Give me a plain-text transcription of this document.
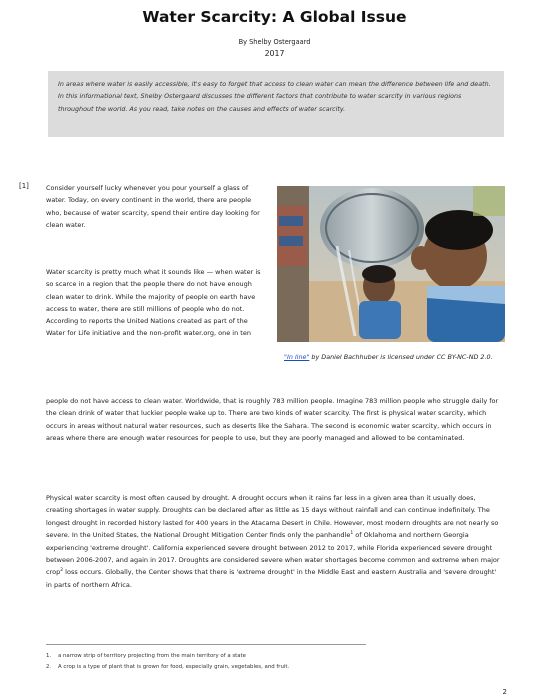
Water Scarcity: A Global Issue
By Shelby Ostergaard
2017
In areas where water is easily accessible, it's easy to forget that access to clean water can mean the difference between life and death. In this informational text, Shelby Ostergaard discusses the different factors that contribute to water scarcity in various regions throughout the world. As you read, take notes on the causes and effects of water scarcity.
[1]	Consider yourself lucky whenever you pour yourself a glass of water. Today, on every continent in the world, there are people who, because of water scarcity, spend their entire day looking for clean water.

Water scarcity is pretty much what it sounds like — when water is so scarce in a region that the people there do not have enough clean water to drink. While the majority of people on earth have access to water, there are still millions of people who do not. According to reports the United Nations created as part of the Water for Life initiative and the non-profit water.org, one in ten

"In line" by Daniel Bachhuber is licensed under CC BY-NC-ND 2.0.

people do not have access to clean water. Worldwide, that is roughly 783 million people. Imagine 783 million people who struggle daily for the clean drink of water that luckier people wake up to. There are two kinds of water scarcity. The first is physical water scarcity, which occurs in areas without natural water resources, such as deserts like the Sahara. The second is economic water scarcity, which occurs in areas where there are enough water resources for people to use, but they are poorly managed and allowed to be contaminated.

Physical water scarcity is most often caused by drought. A drought occurs when it rains far less in a given area than it usually does, creating shortages in water supply. Droughts can be declared after as little as 15 days without rainfall and can continue indefinitely. The longest drought in recorded history lasted for 400 years in the Atacama Desert in Chile. However, most modern droughts are not nearly so severe. In the United States, the National Drought Mitigation Center finds only the panhandle$^1$ of Oklahoma and northern Georgia experiencing 'extreme drought'. California experienced severe drought between 2012 to 2017, while Florida experienced severe drought between 2006-2007, and again in 2017. Droughts are considered severe when water shortages become common and extreme when major crop$^2$ loss occurs. Globally, the Center shows that there is 'extreme drought' in the Middle East and eastern Australia and 'severe drought' in parts of northern Africa.

1.	a narrow strip of territory projecting from the main territory of a state
2.	A crop is a type of plant that is grown for food, especially grain, vegetables, and fruit.
2
